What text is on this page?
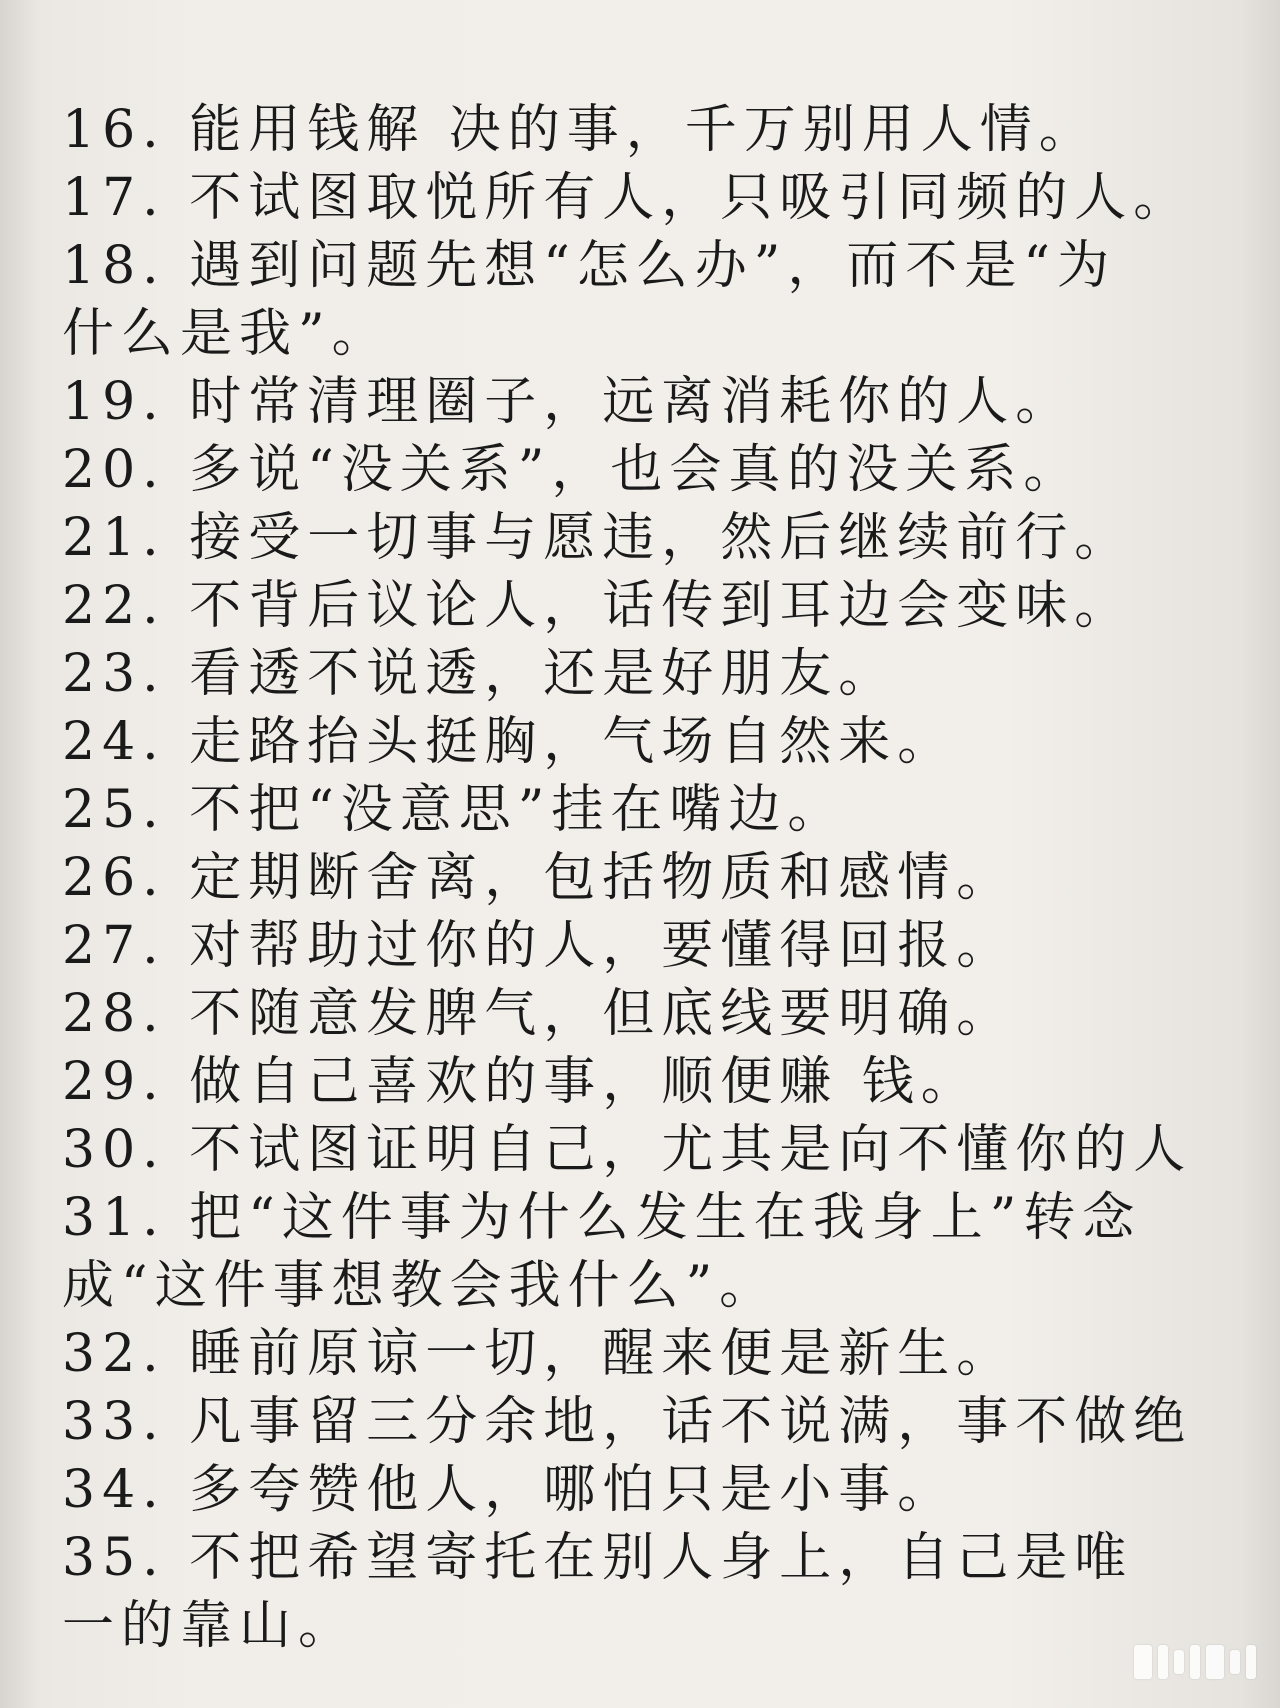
16. 能用钱解 决的事，千万别用人情。
17. 不试图取悦所有人，只吸引同频的人。
18. 遇到问题先想“怎么办”，而不是“为
什么是我”。
19. 时常清理圈子，远离消耗你的人。
20. 多说“没关系”，也会真的没关系。
21. 接受一切事与愿违，然后继续前行。
22. 不背后议论人，话传到耳边会变味。
23. 看透不说透，还是好朋友。
24. 走路抬头挺胸，气场自然来。
25. 不把“没意思”挂在嘴边。
26. 定期断舍离，包括物质和感情。
27. 对帮助过你的人，要懂得回报。
28. 不随意发脾气，但底线要明确。
29. 做自己喜欢的事，顺便赚 钱。
30. 不试图证明自己，尤其是向不懂你的人
31. 把“这件事为什么发生在我身上”转念
成“这件事想教会我什么”。
32. 睡前原谅一切，醒来便是新生。
33. 凡事留三分余地，话不说满，事不做绝
34. 多夸赞他人，哪怕只是小事。
35. 不把希望寄托在别人身上，自己是唯
一的靠山。
